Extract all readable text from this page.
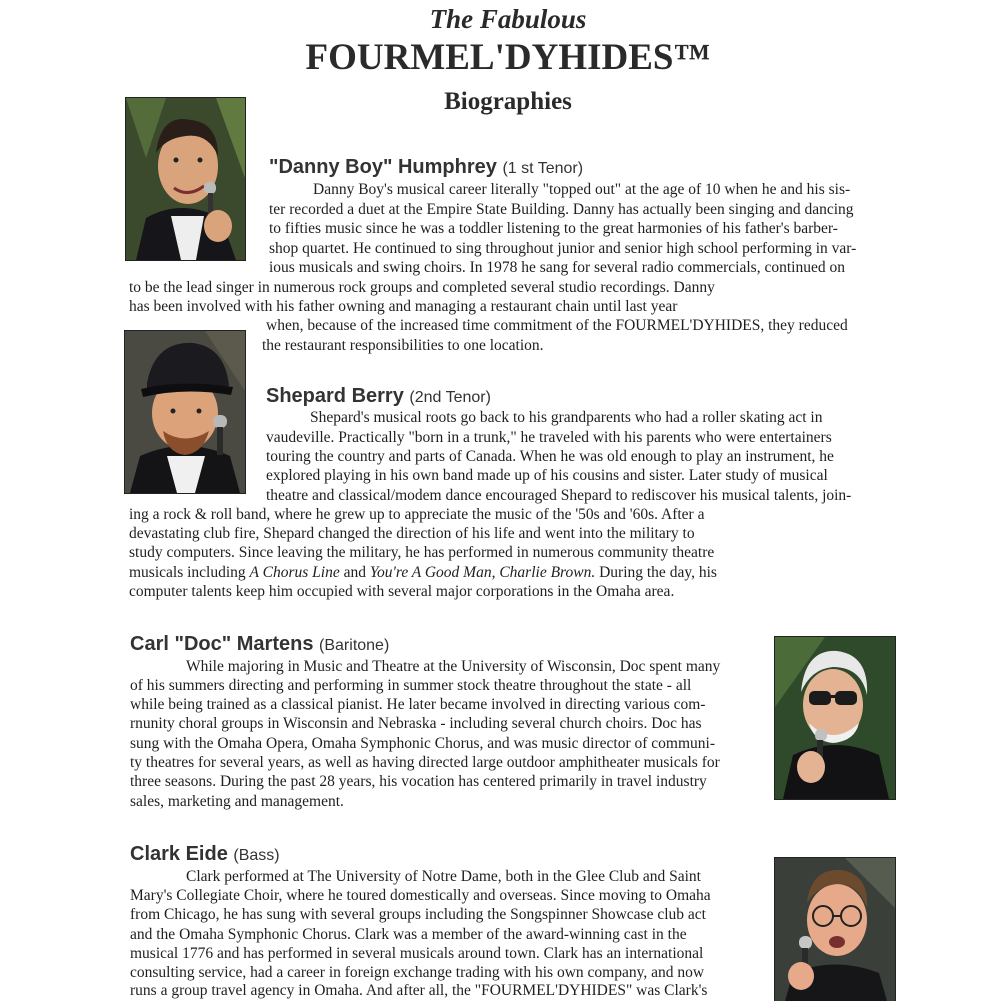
The Fabulous
FOURMEL'DYHIDES™
Biographies
"Danny Boy" Humphrey (1 st Tenor)
Danny Boy's musical career literally "topped out" at the age of 10 when he and his sis-
ter recorded a duet at the Empire State Building. Danny has actually been singing and dancing
to fifties music since he was a toddler listening to the great harmonies of his father's barber-
shop quartet. He continued to sing throughout junior and senior high school performing in var-
ious musicals and swing choirs. In 1978 he sang for several radio commercials, continued on
to be the lead singer in numerous rock groups and completed several studio recordings. Danny
has been involved with his father owning and managing a restaurant chain until last year
when, because of the increased time commitment of the FOURMEL'DYHIDES, they reduced
the restaurant responsibilities to one location.
Shepard Berry (2nd Tenor)
Shepard's musical roots go back to his grandparents who had a roller skating act in
vaudeville. Practically "born in a trunk," he traveled with his parents who were entertainers
touring the country and parts of Canada. When he was old enough to play an instrument, he
explored playing in his own band made up of his cousins and sister. Later study of musical
theatre and classical/modem dance encouraged Shepard to rediscover his musical talents, join-
ing a rock & roll band, where he grew up to appreciate the music of the '50s and '60s. After a
devastating club fire, Shepard changed the direction of his life and went into the military to
study computers. Since leaving the military, he has performed in numerous community theatre
musicals including A Chorus Line and You're A Good Man, Charlie Brown. During the day, his
computer talents keep him occupied with several major corporations in the Omaha area.
Carl "Doc" Martens (Baritone)
While majoring in Music and Theatre at the University of Wisconsin, Doc spent many
of his summers directing and performing in summer stock theatre throughout the state - all
while being trained as a classical pianist. He later became involved in directing various com-
rnunity choral groups in Wisconsin and Nebraska - including several church choirs. Doc has
sung with the Omaha Opera, Omaha Symphonic Chorus, and was music director of communi-
ty theatres for several years, as well as having directed large outdoor amphitheater musicals for
three seasons. During the past 28 years, his vocation has centered primarily in travel industry
sales, marketing and management.
Clark Eide (Bass)
Clark performed at The University of Notre Dame, both in the Glee Club and Saint
Mary's Collegiate Choir, where he toured domestically and overseas. Since moving to Omaha
from Chicago, he has sung with several groups including the Songspinner Showcase club act
and the Omaha Symphonic Chorus. Clark was a member of the award-winning cast in the
musical 1776 and has performed in several musicals around town. Clark has an international
consulting service, had a career in foreign exchange trading with his own company, and now
runs a group travel agency in Omaha. And after all, the "FOURMEL'DYHIDES" was Clark's
